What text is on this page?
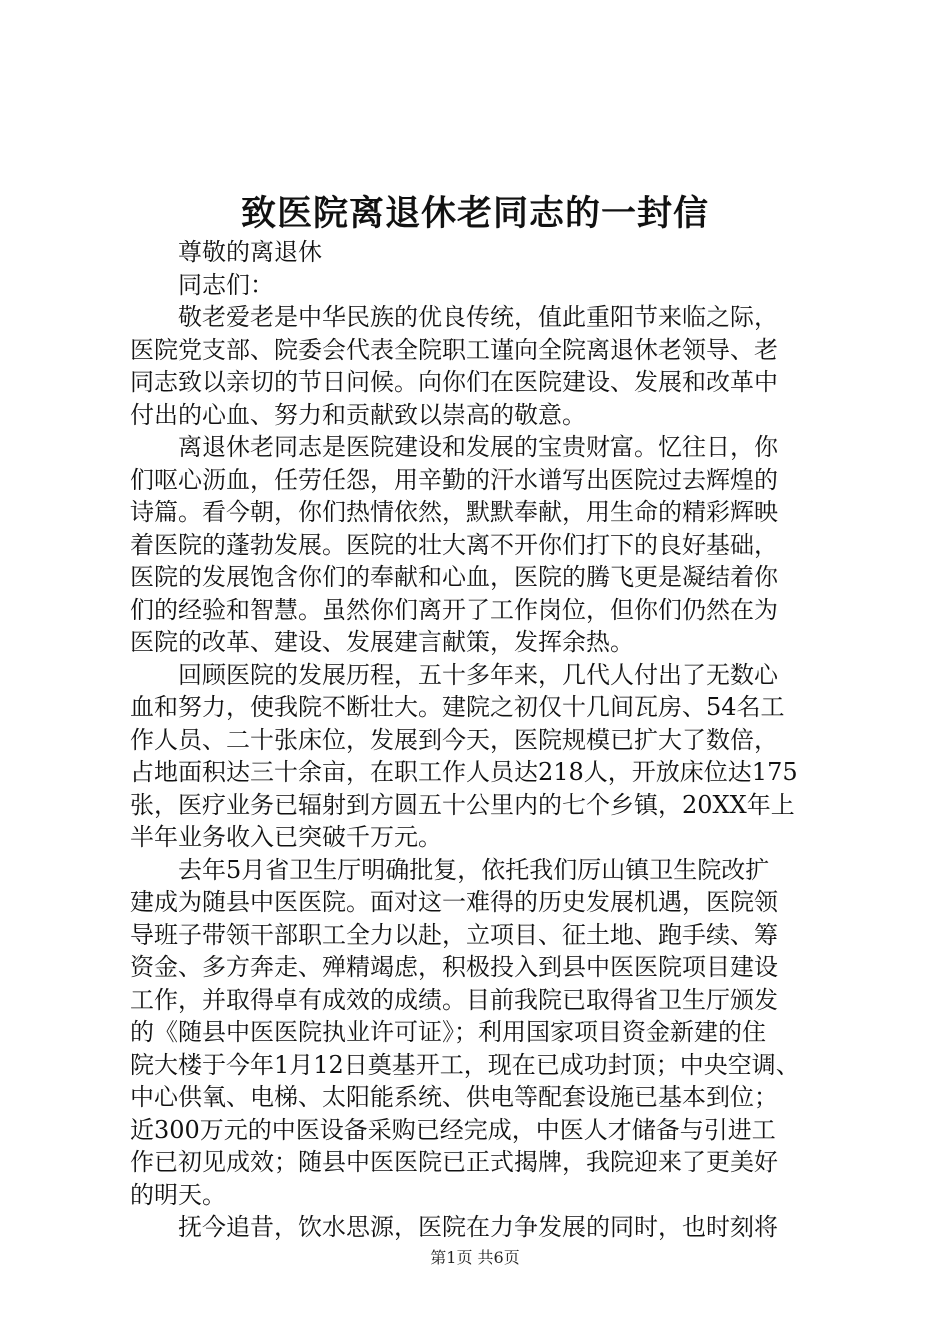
致医院离退休老同志的一封信
尊敬的离退休
同志们：
敬老爱老是中华民族的优良传统，值此重阳节来临之际，
医院党支部、院委会代表全院职工谨向全院离退休老领导、老
同志致以亲切的节日问候。向你们在医院建设、发展和改革中
付出的心血、努力和贡献致以崇高的敬意。
离退休老同志是医院建设和发展的宝贵财富。忆往日，你
们呕心沥血，任劳任怨，用辛勤的汗水谱写出医院过去辉煌的
诗篇。看今朝，你们热情依然，默默奉献，用生命的精彩辉映
着医院的蓬勃发展。医院的壮大离不开你们打下的良好基础，
医院的发展饱含你们的奉献和心血，医院的腾飞更是凝结着你
们的经验和智慧。虽然你们离开了工作岗位，但你们仍然在为
医院的改革、建设、发展建言献策，发挥余热。
回顾医院的发展历程，五十多年来，几代人付出了无数心
血和努力，使我院不断壮大。建院之初仅十几间瓦房、54名工
作人员、二十张床位，发展到今天，医院规模已扩大了数倍，
占地面积达三十余亩，在职工作人员达218人，开放床位达175
张，医疗业务已辐射到方圆五十公里内的七个乡镇，20XX年上
半年业务收入已突破千万元。
去年5月省卫生厅明确批复，依托我们厉山镇卫生院改扩
建成为随县中医医院。面对这一难得的历史发展机遇，医院领
导班子带领干部职工全力以赴，立项目、征土地、跑手续、筹
资金、多方奔走、殚精竭虑，积极投入到县中医医院项目建设
工作，并取得卓有成效的成绩。目前我院已取得省卫生厅颁发
的《随县中医医院执业许可证》；利用国家项目资金新建的住
院大楼于今年1月12日奠基开工，现在已成功封顶；中央空调、
中心供氧、电梯、太阳能系统、供电等配套设施已基本到位；
近300万元的中医设备采购已经完成，中医人才储备与引进工
作已初见成效；随县中医医院已正式揭牌，我院迎来了更美好
的明天。
抚今追昔，饮水思源，医院在力争发展的同时，也时刻将
第1页 共6页
